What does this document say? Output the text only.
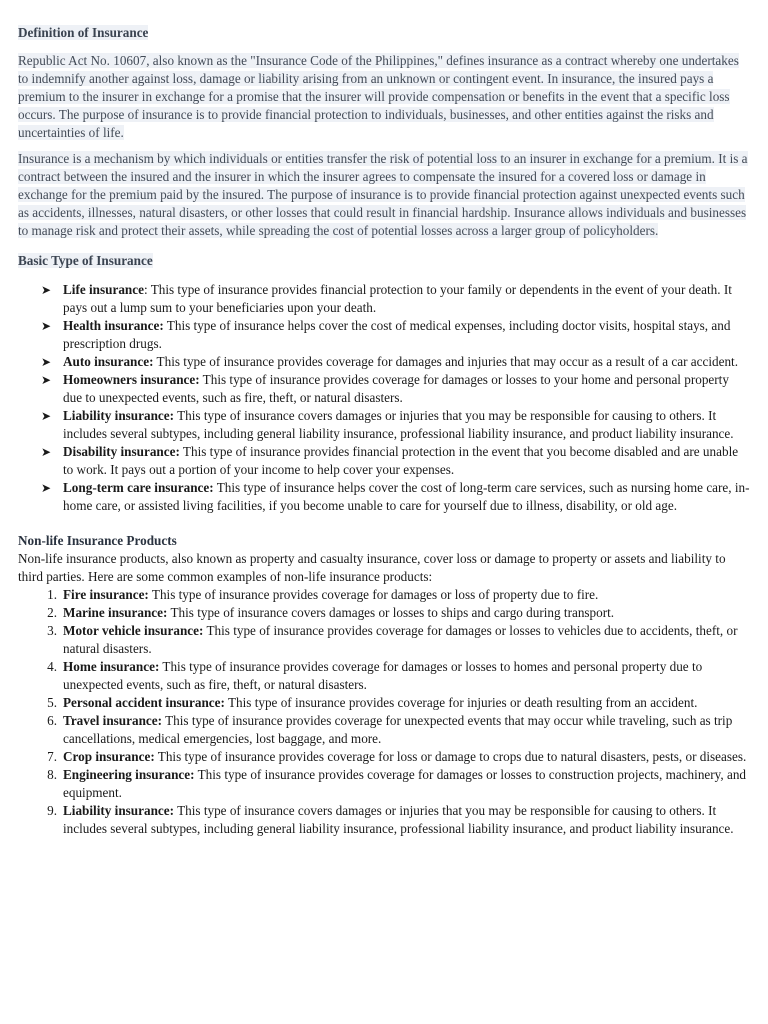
Definition of Insurance

Republic Act No. 10607, also known as the "Insurance Code of the Philippines," defines insurance as a contract whereby one undertakes to indemnify another against loss, damage or liability arising from an unknown or contingent event. In insurance, the insured pays a premium to the insurer in exchange for a promise that the insurer will provide compensation or benefits in the event that a specific loss occurs. The purpose of insurance is to provide financial protection to individuals, businesses, and other entities against the risks and uncertainties of life.

Insurance is a mechanism by which individuals or entities transfer the risk of potential loss to an insurer in exchange for a premium. It is a contract between the insured and the insurer in which the insurer agrees to compensate the insured for a covered loss or damage in exchange for the premium paid by the insured. The purpose of insurance is to provide financial protection against unexpected events such as accidents, illnesses, natural disasters, or other losses that could result in financial hardship. Insurance allows individuals and businesses to manage risk and protect their assets, while spreading the cost of potential losses across a larger group of policyholders.

Basic Type of Insurance

➤ Life insurance: This type of insurance provides financial protection to your family or dependents in the event of your death. It pays out a lump sum to your beneficiaries upon your death.
➤ Health insurance: This type of insurance helps cover the cost of medical expenses, including doctor visits, hospital stays, and prescription drugs.
➤ Auto insurance: This type of insurance provides coverage for damages and injuries that may occur as a result of a car accident.
➤ Homeowners insurance: This type of insurance provides coverage for damages or losses to your home and personal property due to unexpected events, such as fire, theft, or natural disasters.
➤ Liability insurance: This type of insurance covers damages or injuries that you may be responsible for causing to others. It includes several subtypes, including general liability insurance, professional liability insurance, and product liability insurance.
➤ Disability insurance: This type of insurance provides financial protection in the event that you become disabled and are unable to work. It pays out a portion of your income to help cover your expenses.
➤ Long-term care insurance: This type of insurance helps cover the cost of long-term care services, such as nursing home care, in-home care, or assisted living facilities, if you become unable to care for yourself due to illness, disability, or old age.

Non-life Insurance Products

Non-life insurance products, also known as property and casualty insurance, cover loss or damage to property or assets and liability to third parties. Here are some common examples of non-life insurance products:

1. Fire insurance: This type of insurance provides coverage for damages or loss of property due to fire.
2. Marine insurance: This type of insurance covers damages or losses to ships and cargo during transport.
3. Motor vehicle insurance: This type of insurance provides coverage for damages or losses to vehicles due to accidents, theft, or natural disasters.
4. Home insurance: This type of insurance provides coverage for damages or losses to homes and personal property due to unexpected events, such as fire, theft, or natural disasters.
5. Personal accident insurance: This type of insurance provides coverage for injuries or death resulting from an accident.
6. Travel insurance: This type of insurance provides coverage for unexpected events that may occur while traveling, such as trip cancellations, medical emergencies, lost baggage, and more.
7. Crop insurance: This type of insurance provides coverage for loss or damage to crops due to natural disasters, pests, or diseases.
8. Engineering insurance: This type of insurance provides coverage for damages or losses to construction projects, machinery, and equipment.
9. Liability insurance: This type of insurance covers damages or injuries that you may be responsible for causing to others. It includes several subtypes, including general liability insurance, professional liability insurance, and product liability insurance.
